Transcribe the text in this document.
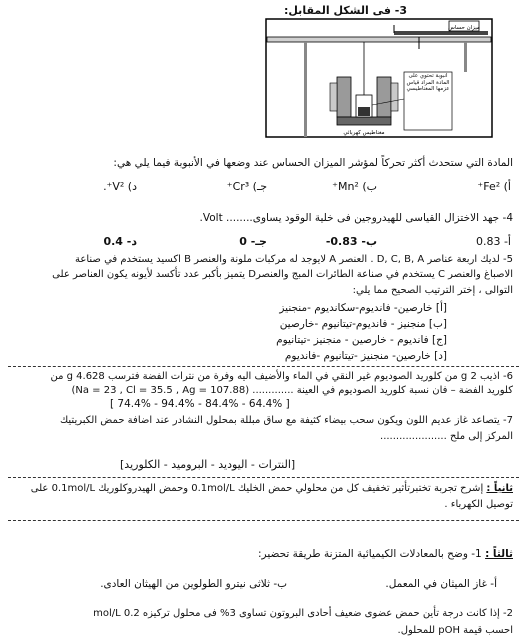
3- فى الشكل المقابل:
ميزان حساس
أنبوبة تحتوي على المادة المراد قياس عزمها المغناطيسي
مغناطيس كهربائي
المادة التي ستحدث أكثر تحركاً لمؤشر الميزان الحساس عند وضعها في الأنبوبة فيما يلي هي:
أ) Fe²⁺
ب) Mn²⁺
جـ) Cr³⁺
د) V²⁺.
4- جهد الاختزال القياسى للهيدروجين فى خلية الوقود يساوى........ Volt.
أ- 0.83
ب- 0.83-
جـ- 0
د- 0.4
5- لديك اربعة عناصر D, C, B, A . العنصر A لايوجد له مركبات ملونة والعنصر B اكسيد يستخدم في صناعة
الاصباغ والعنصر C يستخدم في صناعة الطائرات المبج والعنصرD يتميز بأكبر عدد تأكسد لأيونه يكون العناصر على
التوالى ، إختر الترتيب الصحيح مما يلي:
[أ] خارصين- فانديوم-سكانديوم -منجنيز
[ب] منجنيز - فانديوم-تيتانيوم -خارصين
[ج] فانديوم - خارصين - منجنيز -تيتانيوم
[د] خارصين- منجنيز -تيتانيوم -فانديوم
6- اذيب g 2 من كلوريد الصوديوم غير النقي في الماء والأضيف اليه وفرة من نترات الفضة فترسب g 4.628 من
كلوريد الفضة – فان نسبة كلوريد الصوديوم في العينة ............. (Na = 23 , Cl = 35.5 , Ag = 107.88)
[ 74.4% - 94.4% - 84.4% - 64.4% ]
7- يتصاعد غاز عديم اللون ويكون سحب بيضاء كثيفة مع ساق مبللة بمحلول النشادر عند اضافة حمض الكبريتيك
المركز إلى ملح .....................
[النترات - اليوديد - البروميد - الكلوريد]
ثانياً : إشرح تجربة تختبرتأثير تخفيف كل من محلولي حمض الخليك 0.1mol/L وحمض الهيدروكلوريك 0.1mol/L على
توصيل الكهرباء .
ثالثاً : 1- وضح بالمعادلات الكيميائية المتزنة طريقة تحضير:
أ- غاز الميثان في المعمل.
ب- ثلاثى نيترو الطولوين من الهيثان العادى.
2- إذا كانت درجة تأين حمض عضوى ضعيف أحادى البروتون تساوى 3% فى محلول تركيزه 0.2 mol/L
احسب قيمة pOH للمحلول.
